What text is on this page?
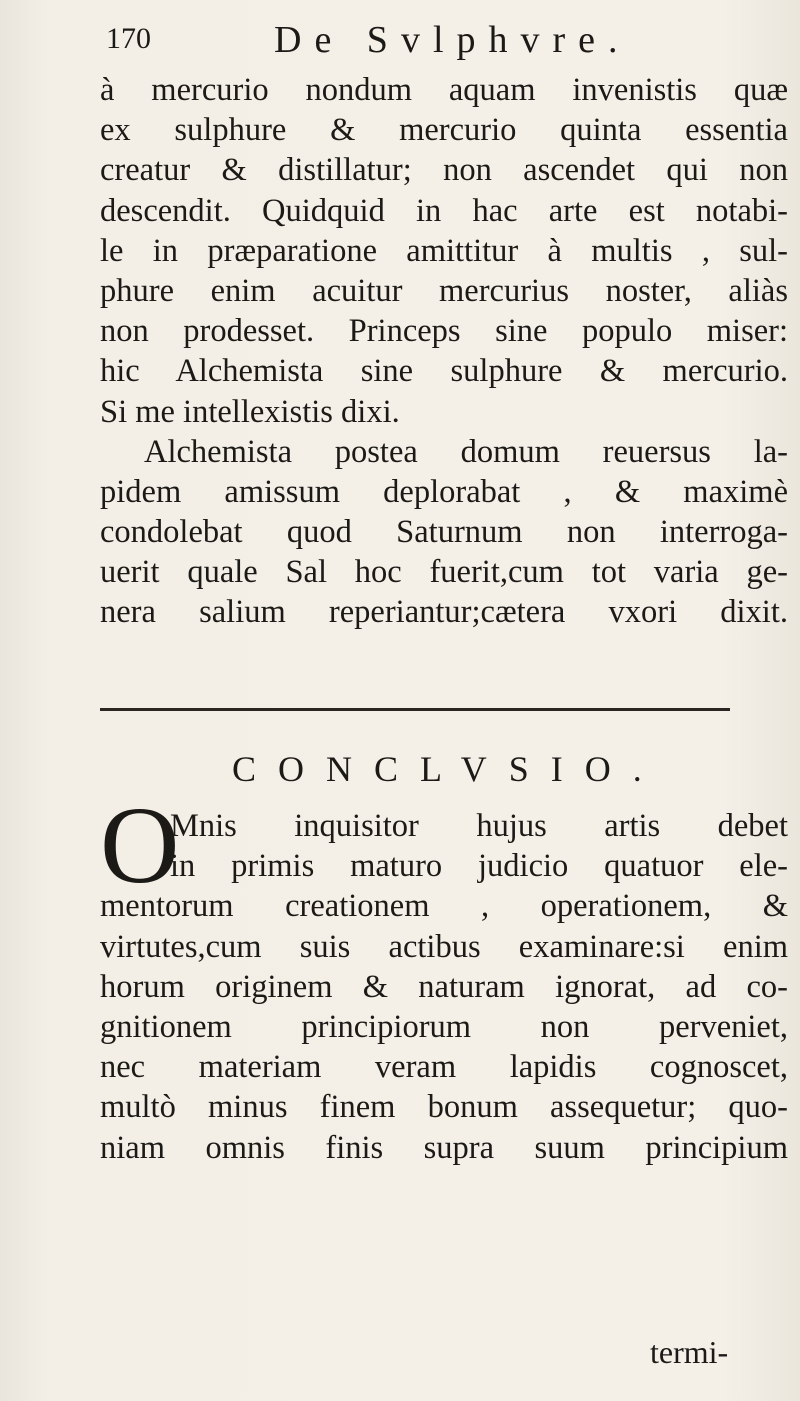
170	De Svlphvre.
à mercurio nondum aquam invenistis quæ
ex sulphure & mercurio quinta essentia
creatur & distillatur; non ascendet qui non
descendit. Quidquid in hac arte est notabi-
le in præparatione amittitur à multis , sul-
phure enim acuitur mercurius noster, aliàs
non prodesset. Princeps sine populo miser:
hic Alchemista sine sulphure & mercurio.
Si me intellexistis dixi.
Alchemista postea domum reuersus la-
pidem amissum deplorabat , & maximè
condolebat quod Saturnum non interroga-
uerit quale Sal hoc fuerit,cum tot varia ge-
nera salium reperiantur;cætera vxori dixit.
CONCLVSIO.
O
Mnis inquisitor hujus artis debet
in primis maturo judicio quatuor ele-
mentorum creationem , operationem, &
virtutes,cum suis actibus examinare:si enim
horum originem & naturam ignorat, ad co-
gnitionem principiorum non perveniet,
nec materiam veram lapidis cognoscet,
multò minus finem bonum assequetur; quo-
niam omnis finis supra suum principium
termi-
